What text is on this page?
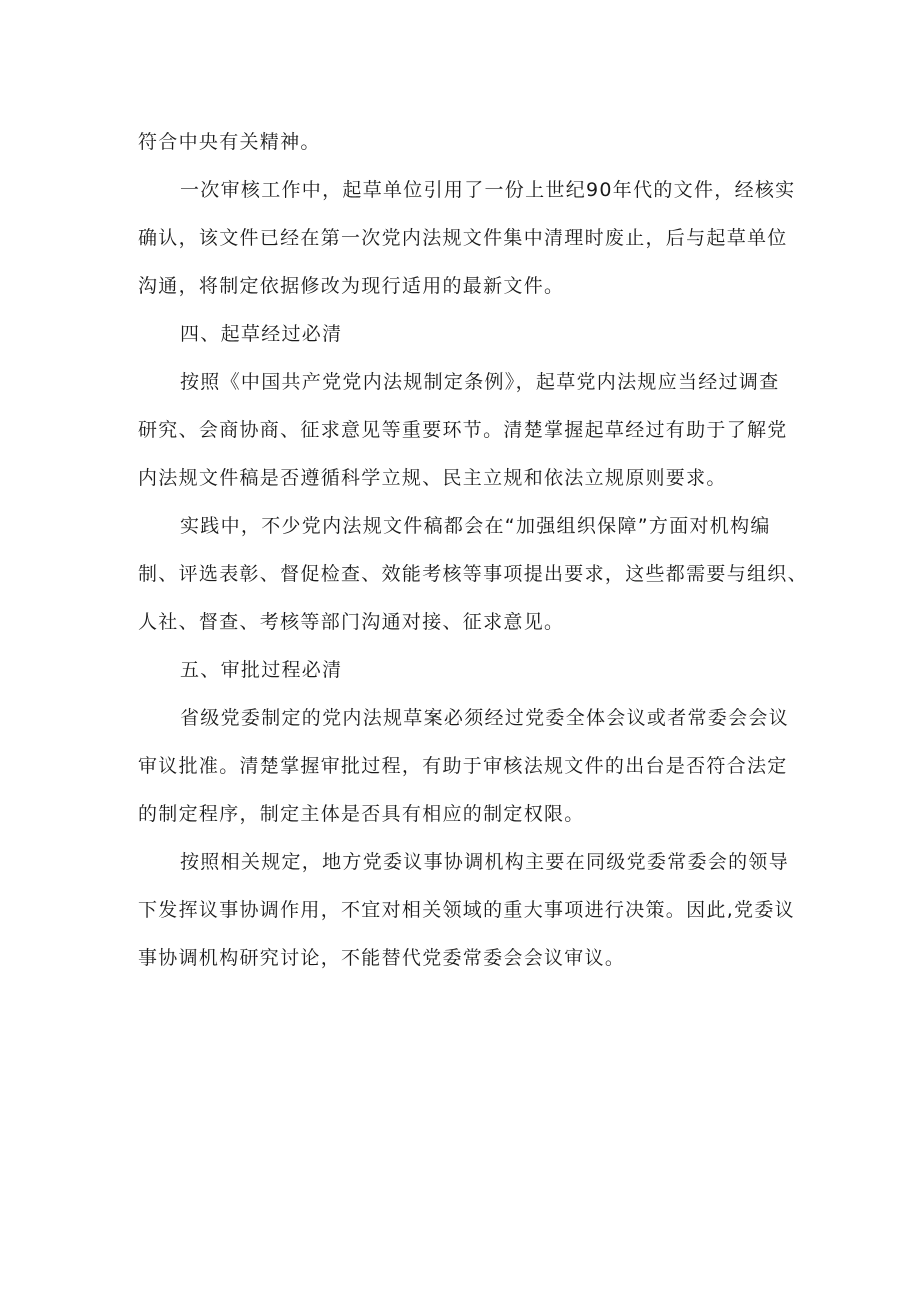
符合中央有关精神。
一次审核工作中，起草单位引用了一份上世纪90年代的文件，经核实
确认，该文件已经在第一次党内法规文件集中清理时废止，后与起草单位
沟通，将制定依据修改为现行适用的最新文件。
四、起草经过必清
按照《中国共产党党内法规制定条例》，起草党内法规应当经过调查
研究、会商协商、征求意见等重要环节。清楚掌握起草经过有助于了解党
内法规文件稿是否遵循科学立规、民主立规和依法立规原则要求。
实践中，不少党内法规文件稿都会在“加强组织保障”方面对机构编
制、评选表彰、督促检查、效能考核等事项提出要求，这些都需要与组织、
人社、督查、考核等部门沟通对接、征求意见。
五、审批过程必清
省级党委制定的党内法规草案必须经过党委全体会议或者常委会会议
审议批准。清楚掌握审批过程，有助于审核法规文件的出台是否符合法定
的制定程序，制定主体是否具有相应的制定权限。
按照相关规定，地方党委议事协调机构主要在同级党委常委会的领导
下发挥议事协调作用，不宜对相关领域的重大事项进行决策。因此,党委议
事协调机构研究讨论，不能替代党委常委会会议审议。
